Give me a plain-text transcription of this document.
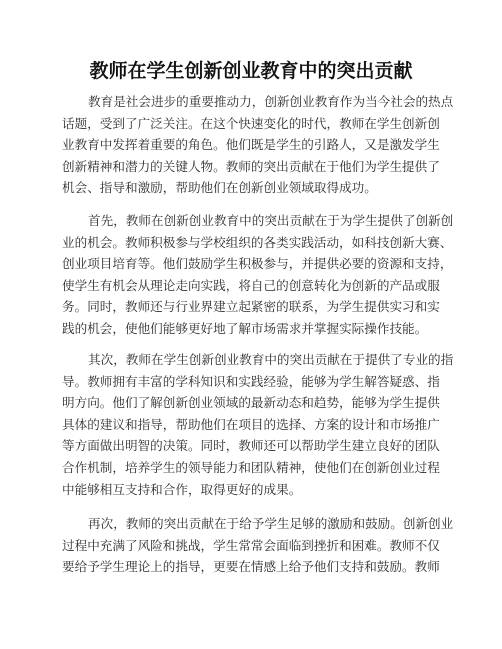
教师在学生创新创业教育中的突出贡献

教育是社会进步的重要推动力，创新创业教育作为当今社会的热点
话题，受到了广泛关注。在这个快速变化的时代，教师在学生创新创
业教育中发挥着重要的角色。他们既是学生的引路人，又是激发学生
创新精神和潜力的关键人物。教师的突出贡献在于他们为学生提供了
机会、指导和激励，帮助他们在创新创业领域取得成功。

首先，教师在创新创业教育中的突出贡献在于为学生提供了创新创
业的机会。教师积极参与学校组织的各类实践活动，如科技创新大赛、
创业项目培育等。他们鼓励学生积极参与，并提供必要的资源和支持，
使学生有机会从理论走向实践，将自己的创意转化为创新的产品或服
务。同时，教师还与行业界建立起紧密的联系，为学生提供实习和实
践的机会，使他们能够更好地了解市场需求并掌握实际操作技能。

其次，教师在学生创新创业教育中的突出贡献在于提供了专业的指
导。教师拥有丰富的学科知识和实践经验，能够为学生解答疑惑、指
明方向。他们了解创新创业领域的最新动态和趋势，能够为学生提供
具体的建议和指导，帮助他们在项目的选择、方案的设计和市场推广
等方面做出明智的决策。同时，教师还可以帮助学生建立良好的团队
合作机制，培养学生的领导能力和团队精神，使他们在创新创业过程
中能够相互支持和合作，取得更好的成果。

再次，教师的突出贡献在于给予学生足够的激励和鼓励。创新创业
过程中充满了风险和挑战，学生常常会面临到挫折和困难。教师不仅
要给予学生理论上的指导，更要在情感上给予他们支持和鼓励。教师
